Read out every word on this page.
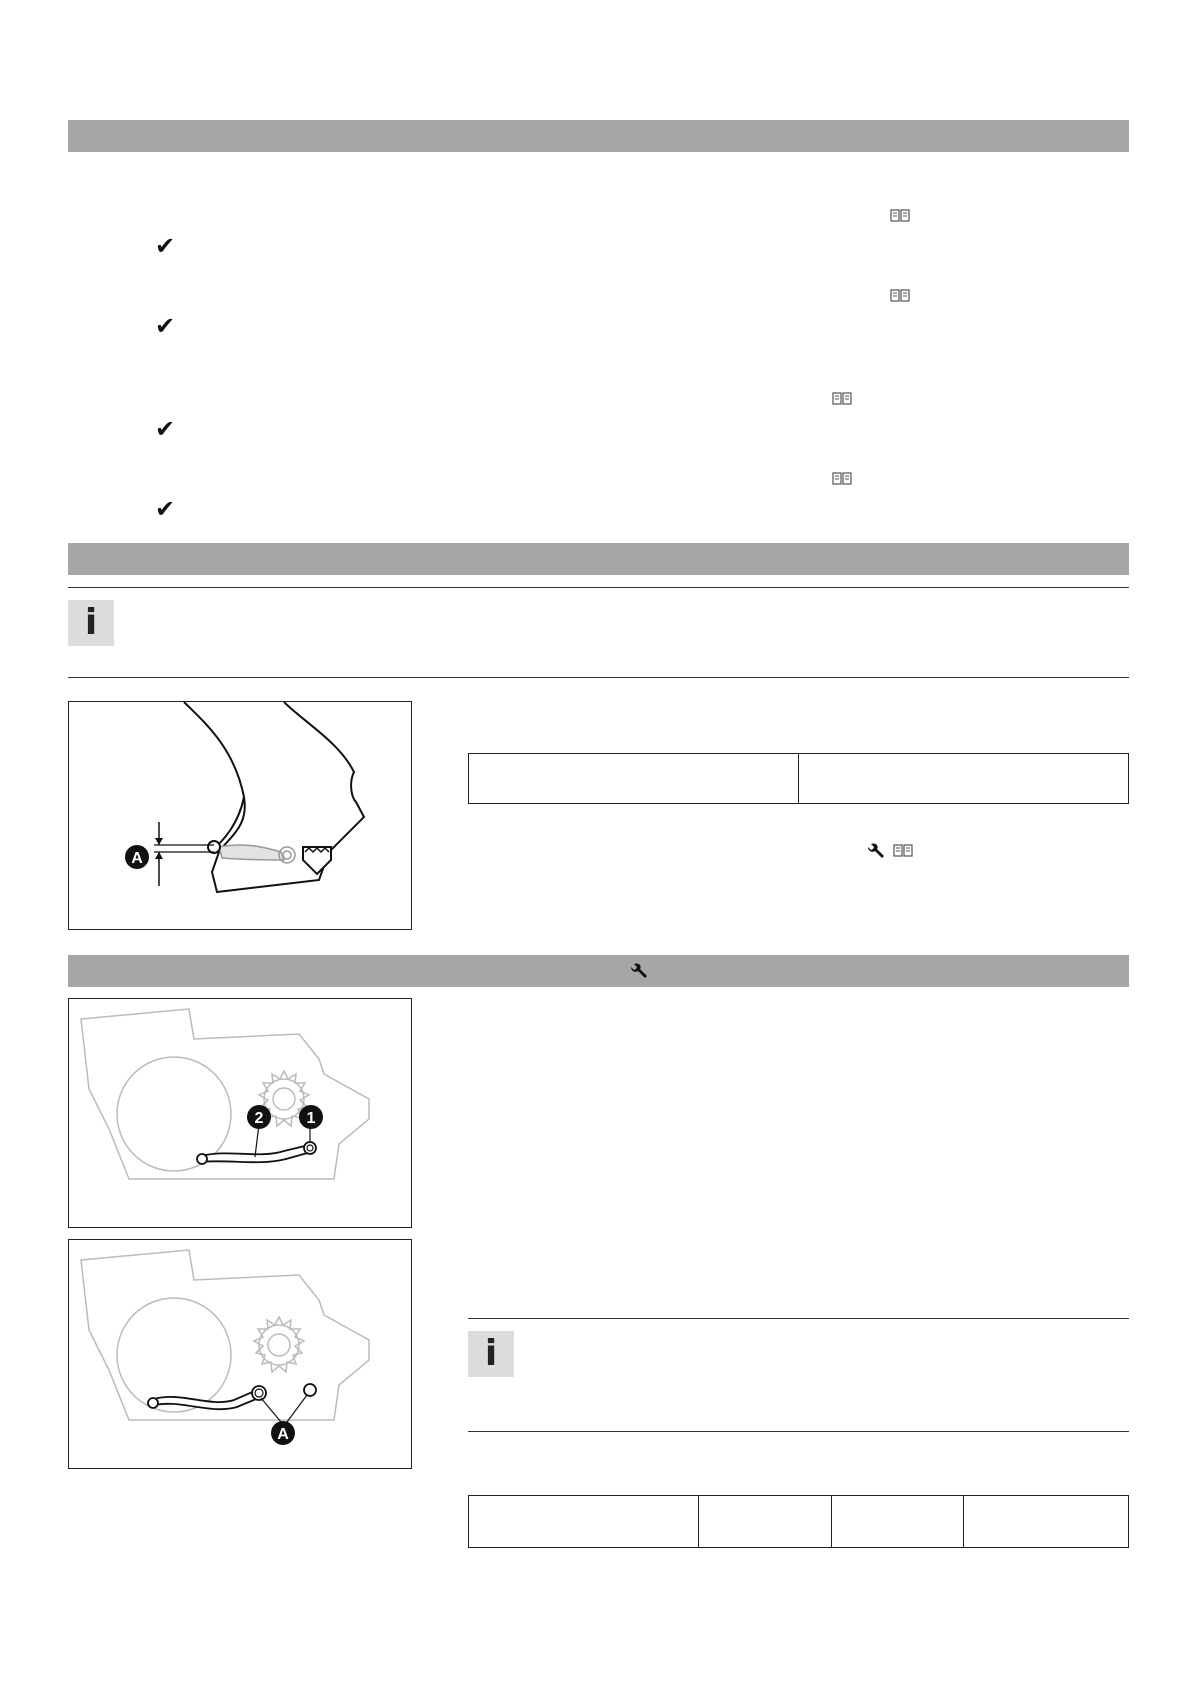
✔
✔
✔
✔
i
A
1
2
A
i
